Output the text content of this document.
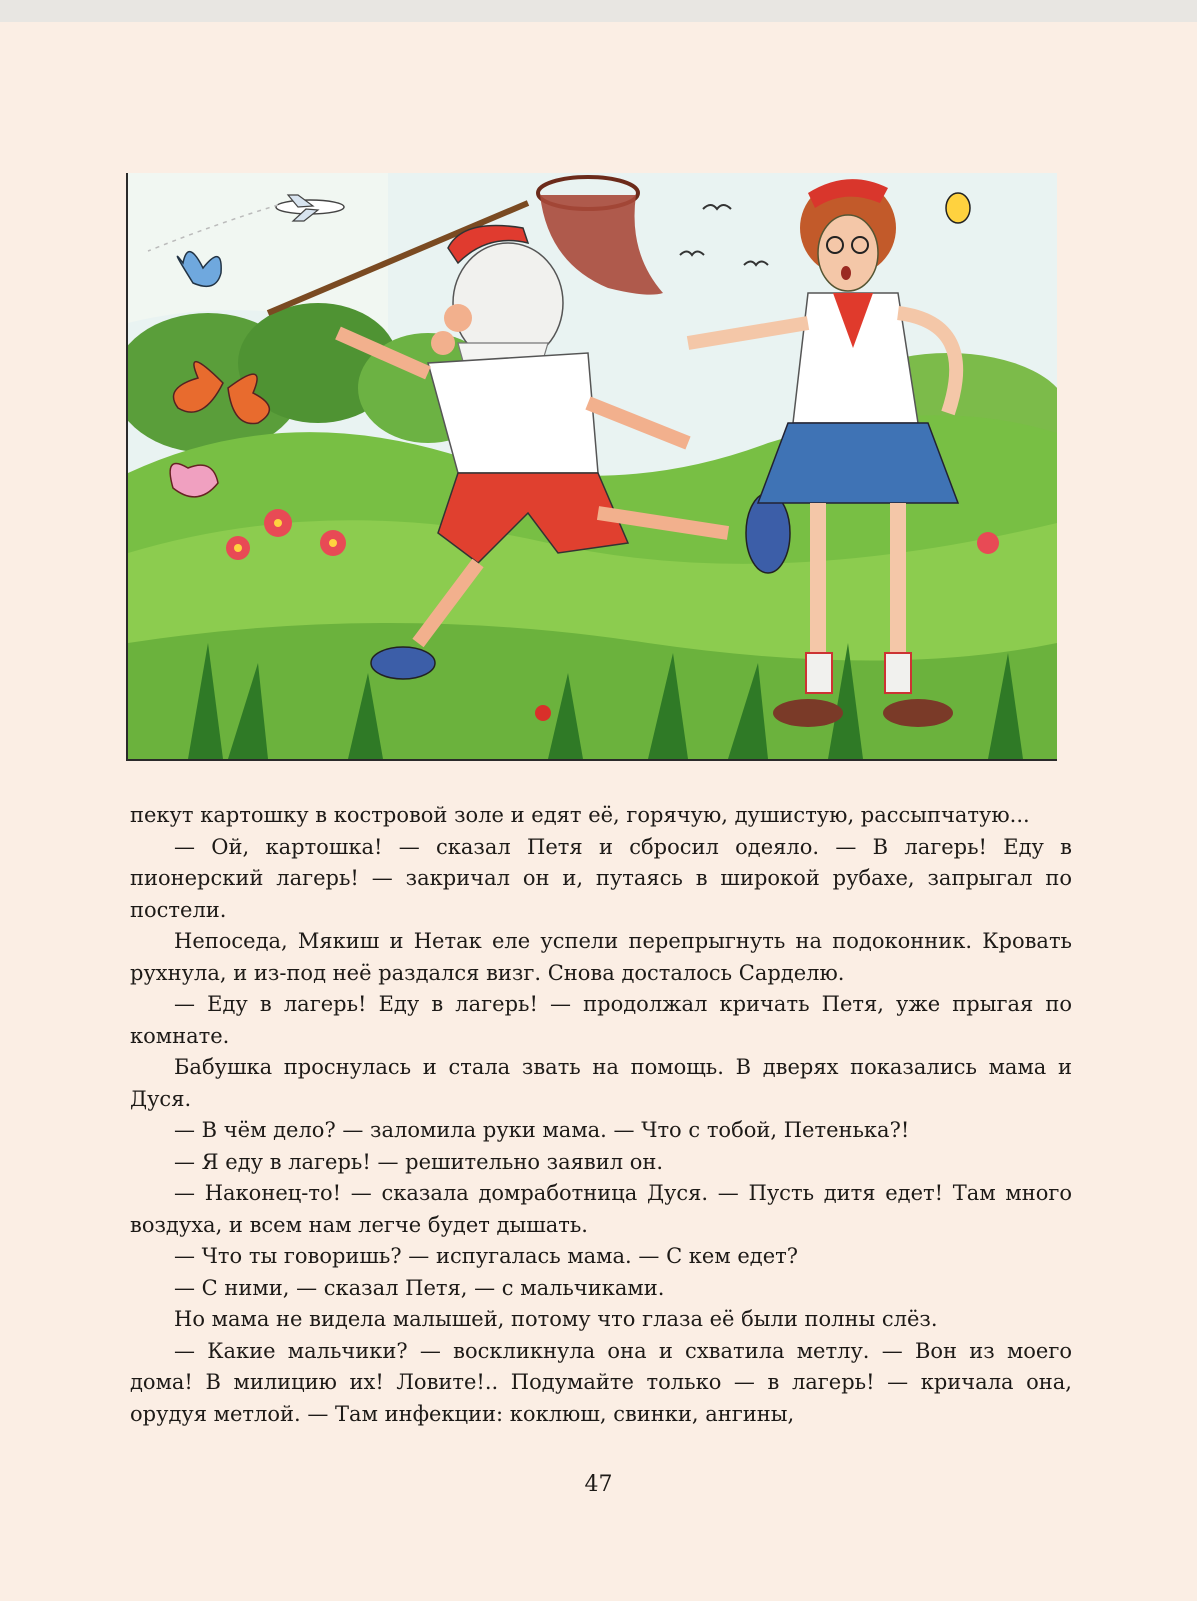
пекут картошку в костровой золе и едят её, горячую, душистую, рассыпчатую...

— Ой, картошка! — сказал Петя и сбросил одеяло. — В лагерь! Еду в пионерский лагерь! — закричал он и, путаясь в широкой рубахе, запрыгал по постели.

Непоседа, Мякиш и Нетак еле успели перепрыгнуть на подоконник. Кровать рухнула, и из-под неё раздался визг. Снова досталось Сарделю.

— Еду в лагерь! Еду в лагерь! — продолжал кричать Петя, уже прыгая по комнате.

Бабушка проснулась и стала звать на помощь. В дверях показались мама и Дуся.

— В чём дело? — заломила руки мама. — Что с тобой, Петенька?!

— Я еду в лагерь! — решительно заявил он.

— Наконец-то! — сказала домработница Дуся. — Пусть дитя едет! Там много воздуха, и всем нам легче будет дышать.

— Что ты говоришь? — испугалась мама. — С кем едет?

— С ними, — сказал Петя, — с мальчиками.

Но мама не видела малышей, потому что глаза её были полны слёз.

— Какие мальчики? — воскликнула она и схватила метлу. — Вон из моего дома! В милицию их! Ловите!.. Подумайте только — в лагерь! — кричала она, орудуя метлой. — Там инфекции: коклюш, свинки, ангины,

47
